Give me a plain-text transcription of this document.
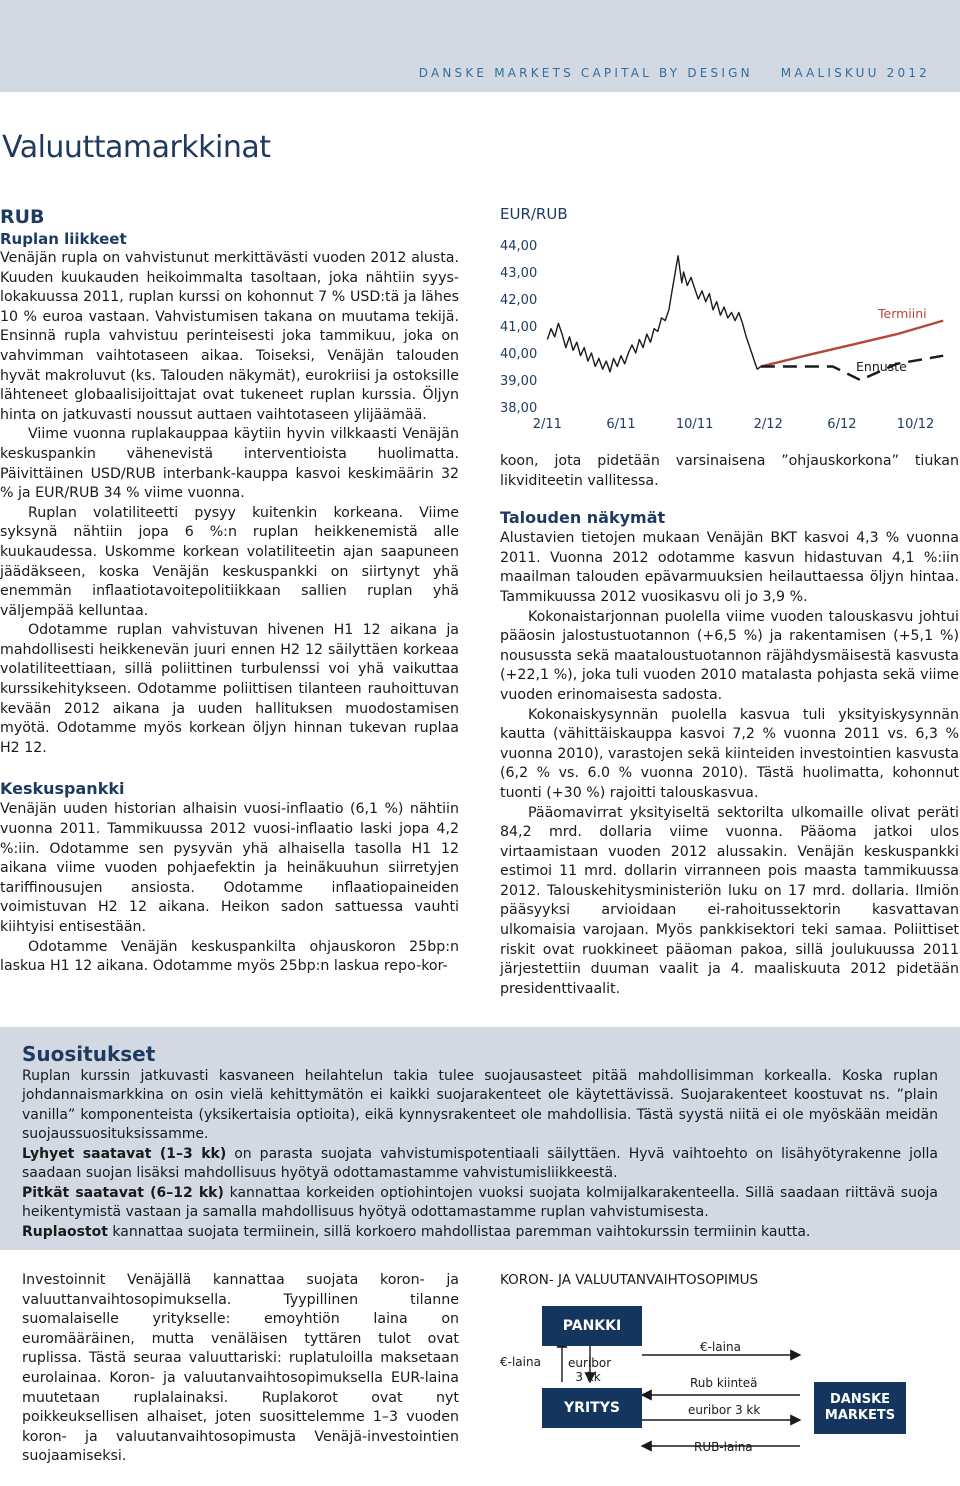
DANSKE MARKETS CAPITAL BY DESIGN MAALISKUU 2012
Valuuttamarkkinat
RUB
Ruplan liikkeet

Venäjän rupla on vahvistunut merkittävästi vuoden 2012 alusta. Kuuden kuukauden heikoimmalta tasoltaan, joka nähtiin syys-lokakuussa 2011, ruplan kurssi on kohonnut 7 % USD:tä ja lähes 10 % euroa vastaan. Vahvistumisen takana on muutama tekijä. Ensinnä rupla vahvistuu perinteisesti joka tammikuu, joka on vahvimman vaihtotaseen aikaa. Toiseksi, Venäjän talouden hyvät makroluvut (ks. Talouden näkymät), eurokriisi ja ostoksille lähteneet globaalisijoittajat ovat tukeneet ruplan kurssia. Öljyn hinta on jatkuvasti noussut auttaen vaihtotaseen ylijäämää.

Viime vuonna ruplakauppaa käytiin hyvin vilkkaasti Venäjän keskuspankin vähenevistä interventioista huolimatta. Päivittäinen USD/RUB interbank-kauppa kasvoi keskimäärin 32 % ja EUR/RUB 34 % viime vuonna.

Ruplan volatiliteetti pysyy kuitenkin korkeana. Viime syksynä nähtiin jopa 6 %:n ruplan heikkenemistä alle kuukaudessa. Uskomme korkean volatiliteetin ajan saapuneen jäädäkseen, koska Venäjän keskuspankki on siirtynyt yhä enemmän inflaatiotavoitepolitiikkaan sallien ruplan yhä väljempää kelluntaa.

Odotamme ruplan vahvistuvan hivenen H1 12 aikana ja mahdollisesti heikkenevän juuri ennen H2 12 säilyttäen korkeaa volatiliteettiaan, sillä poliittinen turbulenssi voi yhä vaikuttaa kurssikehitykseen. Odotamme poliittisen tilanteen rauhoittuvan kevään 2012 aikana ja uuden hallituksen muodostamisen myötä. Odotamme myös korkean öljyn hinnan tukevan ruplaa H2 12.

Keskuspankki

Venäjän uuden historian alhaisin vuosi-inflaatio (6,1 %) nähtiin vuonna 2011. Tammikuussa 2012 vuosi-inflaatio laski jopa 4,2 %:iin. Odotamme sen pysyvän yhä alhaisella tasolla H1 12 aikana viime vuoden pohjaefektin ja heinäkuuhun siirretyjen tariffinousujen ansiosta. Odotamme inflaatiopaineiden voimistuvan H2 12 aikana. Heikon sadon sattuessa vauhti kiihtyisi entisestään.

Odotamme Venäjän keskuspankilta ohjauskoron 25bp:n laskua H1 12 aikana. Odotamme myös 25bp:n laskua repo-kor-

44,00
43,00
42,00
41,00
40,00
39,00
38,00
2/11	6/11	10/11	2/12	6/12	10/12
Termiini
Ennuste
EUR/RUB

koon, jota pidetään varsinaisena ”ohjauskorkona” tiukan likviditeetin vallitessa.

Talouden näkymät

Alustavien tietojen mukaan Venäjän BKT kasvoi 4,3 % vuonna 2011. Vuonna 2012 odotamme kasvun hidastuvan 4,1 %:iin maailman talouden epävarmuuksien heilauttaessa öljyn hintaa. Tammikuussa 2012 vuosikasvu oli jo 3,9 %.

Kokonaistarjonnan puolella viime vuoden talouskasvu johtui pääosin jalostustuotannon (+6,5 %) ja rakentamisen (+5,1 %) nousussta sekä maataloustuotannon räjähdysmäisestä kasvusta (+22,1 %), joka tuli vuoden 2010 matalasta pohjasta sekä viime vuoden erinomaisesta sadosta.

Kokonaiskysynnän puolella kasvua tuli yksityiskysynnän kautta (vähittäiskauppa kasvoi 7,2 % vuonna 2011 vs. 6,3 % vuonna 2010), varastojen sekä kiinteiden investointien kasvusta (6,2 % vs. 6.0 % vuonna 2010). Tästä huolimatta, kohonnut tuonti (+30 %) rajoitti talouskasvua.

Pääomavirrat yksityiseltä sektorilta ulkomaille olivat peräti 84,2 mrd. dollaria viime vuonna. Pääoma jatkoi ulos virtaamistaan vuoden 2012 alussakin. Venäjän keskuspankki estimoi 11 mrd. dollarin virranneen pois maasta tammikuussa 2012. Talouskehitysministeriön luku on 17 mrd. dollaria. Ilmiön pääsyyksi arvioidaan ei-rahoitussektorin kasvattavan ulkomaisia varojaan. Myös pankkisektori teki samaa. Poliittiset riskit ovat ruokkineet pääoman pakoa, sillä joulukuussa 2011 järjestettiin duuman vaalit ja 4. maaliskuuta 2012 pidetään presidenttivaalit.

Suositukset

Ruplan kurssin jatkuvasti kasvaneen heilahtelun takia tulee suojausasteet pitää mahdollisimman korkealla. Koska ruplan johdannaismarkkina on osin vielä kehittymätön ei kaikki suojarakenteet ole käytettävissä. Suojarakenteet koostuvat ns. ”plain vanilla” komponenteista (yksikertaisia optioita), eikä kynnysrakenteet ole mahdollisia. Tästä syystä niitä ei ole myöskään meidän suojaussuosituksissamme.

Lyhyet saatavat (1–3 kk) on parasta suojata vahvistumispotentiaali säilyttäen. Hyvä vaihtoehto on lisähyötyrakenne jolla saadaan suojan lisäksi mahdollisuus hyötyä odottamastamme vahvistumisliikkeestä.

Pitkät saatavat (6–12 kk) kannattaa korkeiden optiohintojen vuoksi suojata kolmijalkarakenteella. Sillä saadaan riittävä suoja heikentymistä vastaan ja samalla mahdollisuus hyötyä odottamastamme ruplan vahvistumisesta.

Ruplaostot kannattaa suojata termiinein, sillä korkoero mahdollistaa paremman vaihtokurssin termiinin kautta.

Investoinnit Venäjällä kannattaa suojata koron- ja valuuttanvaihtosopimuksella. Tyypillinen tilanne suomalaiselle yritykselle: emoyhtiön laina on euromääräinen, mutta venäläisen tyttären tulot ovat ruplissa. Tästä seuraa valuuttariski: ruplatuloilla maksetaan eurolainaa. Koron- ja valuutanvaihtosopimuksella EUR-laina muutetaan ruplalainaksi. Ruplakorot ovat nyt poikkeuksellisen alhaiset, joten suosittelemme 1–3 vuoden koron- ja valuutanvaihtosopimusta Venäjä-investointien suojaamiseksi.

KORON- JA VALUUTANVAIHTOSOPIMUS
PANKKI
YRITYS
DANSKE MARKETS
€-laina euribor 3 kk
€-laina
Rub kiinteä
euribor 3 kk
RUB-laina
